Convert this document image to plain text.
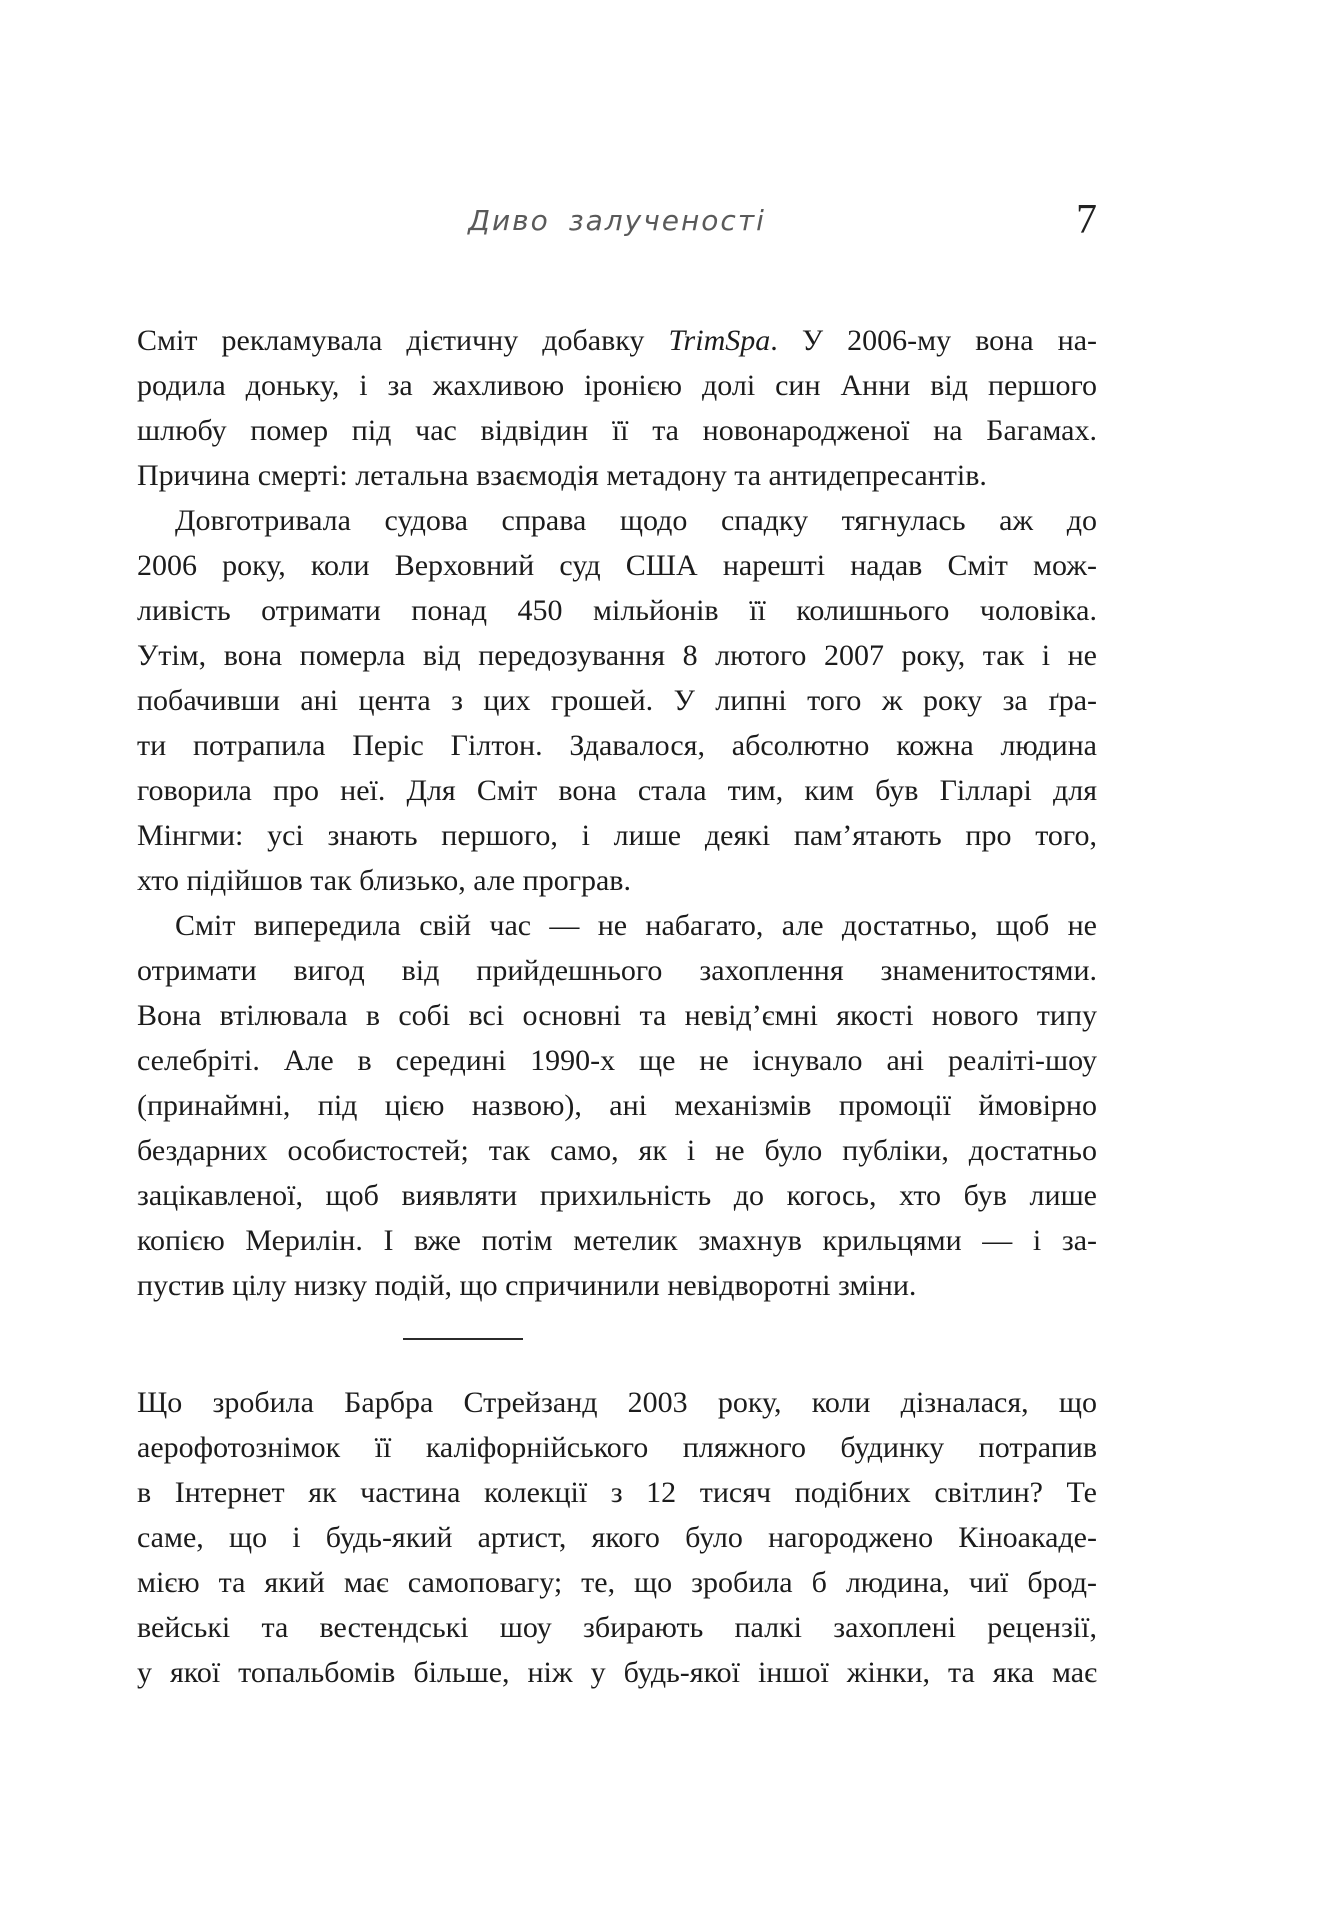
Диво залученості	7
Сміт рекламувала дієтичну добавку TrimSpa. У 2006-му вона на-
родила доньку, і за жахливою іронією долі син Анни від першого
шлюбу помер під час відвідин її та новонародженої на Багамах.
Причина смерті: летальна взаємодія метадону та антидепресантів.
Довготривала судова справа щодо спадку тягнулась аж до
2006 року, коли Верховний суд США нарешті надав Сміт мож-
ливість отримати понад 450 мільйонів її колишнього чоловіка.
Утім, вона померла від передозування 8 лютого 2007 року, так і не
побачивши ані цента з цих грошей. У липні того ж року за ґра-
ти потрапила Періс Гілтон. Здавалося, абсолютно кожна людина
говорила про неї. Для Сміт вона стала тим, ким був Гілларі для
Мінгми: усі знають першого, і лише деякі пам’ятають про того,
хто підійшов так близько, але програв.
Сміт випередила свій час — не набагато, але достатньо, щоб не
отримати вигод від прийдешнього захоплення знаменитостями.
Вона втілювала в собі всі основні та невід’ємні якості нового типу
селебріті. Але в середині 1990-х ще не існувало ані реаліті-шоу
(принаймні, під цією назвою), ані механізмів промоції ймовірно
бездарних особистостей; так само, як і не було публіки, достатньо
зацікавленої, щоб виявляти прихильність до когось, хто був лише
копією Мерилін. І вже потім метелик змахнув крильцями — і за-
пустив цілу низку подій, що спричинили невідворотні зміни.
Що зробила Барбра Стрейзанд 2003 року, коли дізналася, що
аерофотознімок її каліфорнійського пляжного будинку потрапив
в Інтернет як частина колекції з 12 тисяч подібних світлин? Те
саме, що і будь-який артист, якого було нагороджено Кіноакаде-
мією та який має самоповагу; те, що зробила б людина, чиї брод-
вейські та вестендські шоу збирають палкі захоплені рецензії,
у якої топальбомів більше, ніж у будь-якої іншої жінки, та яка має
